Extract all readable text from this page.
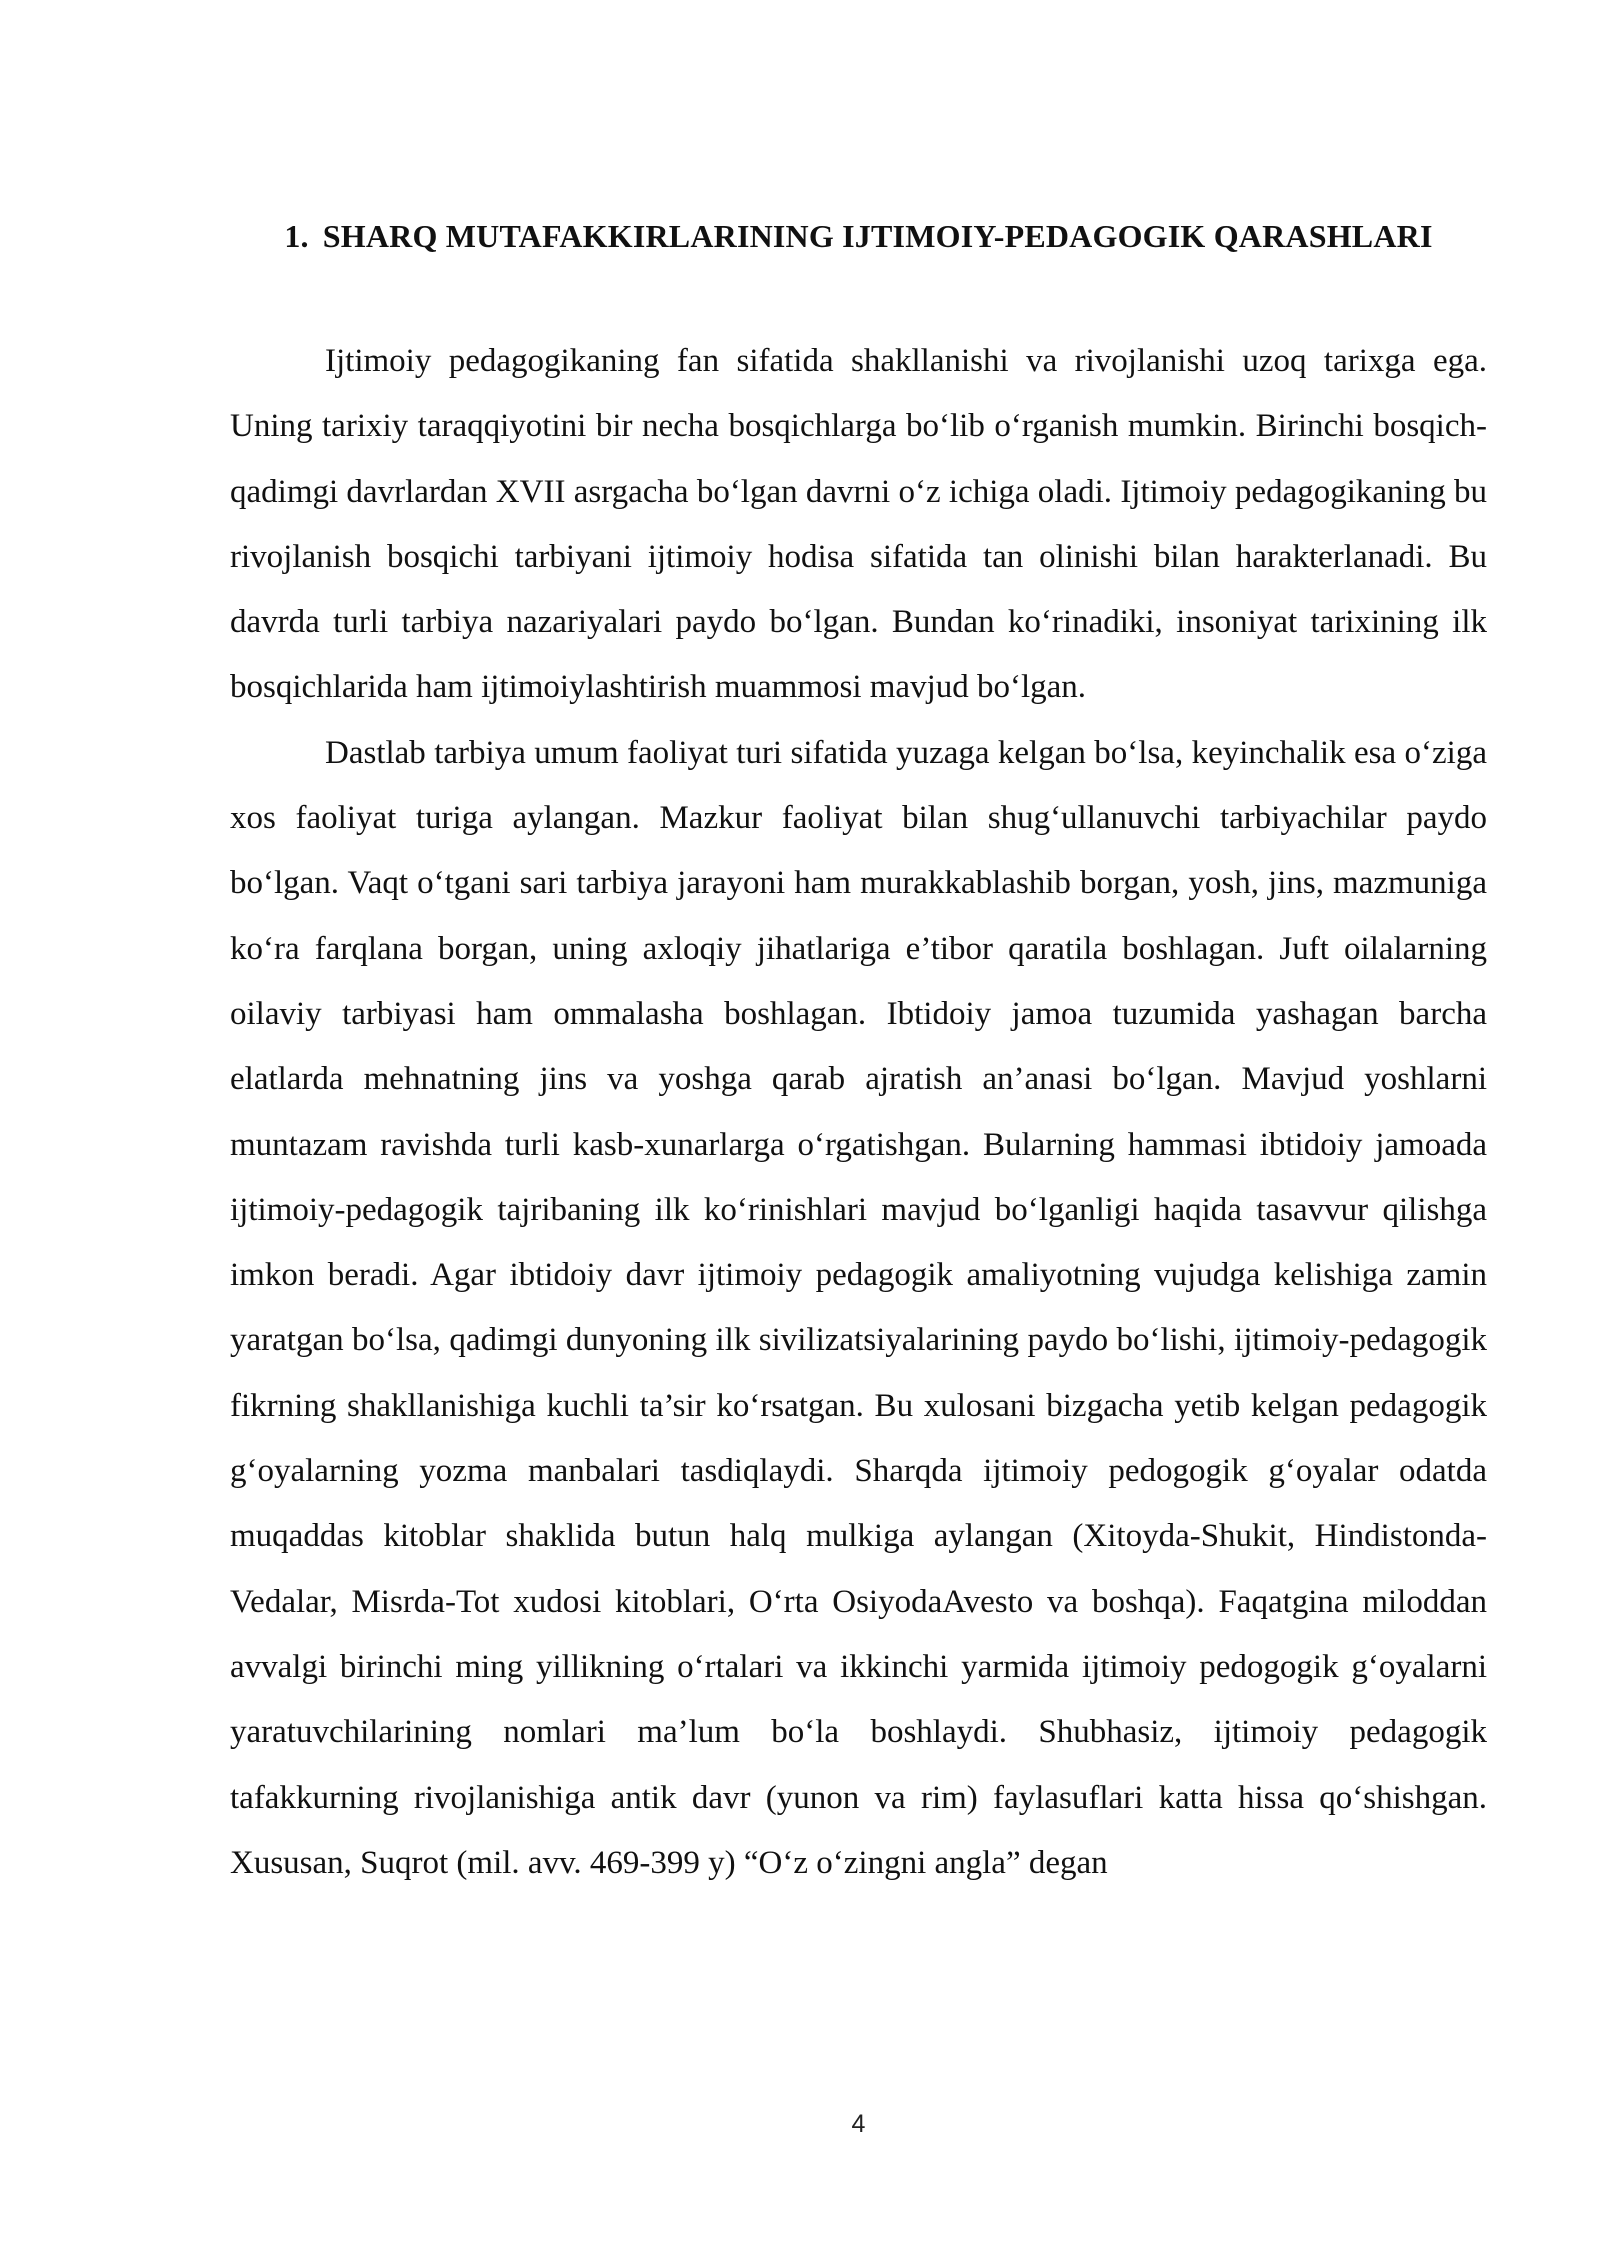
1. SHARQ MUTAFAKKIRLARINING IJTIMOIY-PEDAGOGIK QARASHLARI

Ijtimoiy pedagogikaning fan sifatida shakllanishi va rivojlanishi uzoq tarixga ega. Uning tarixiy taraqqiyotini bir necha bosqichlarga bo‘lib o‘rganish mumkin. Birinchi bosqich-qadimgi davrlardan XVII asrgacha bo‘lgan davrni o‘z ichiga oladi. Ijtimoiy pedagogikaning bu rivojlanish bosqichi tarbiyani ijtimoiy hodisa sifatida tan olinishi bilan harakterlanadi. Bu davrda turli tarbiya nazariyalari paydo bo‘lgan. Bundan ko‘rinadiki, insoniyat tarixining ilk bosqichlarida ham ijtimoiylashtirish muammosi mavjud bo‘lgan.

Dastlab tarbiya umum faoliyat turi sifatida yuzaga kelgan bo‘lsa, keyinchalik esa o‘ziga xos faoliyat turiga aylangan. Mazkur faoliyat bilan shug‘ullanuvchi tarbiyachilar paydo bo‘lgan. Vaqt o‘tgani sari tarbiya jarayoni ham murakkablashib borgan, yosh, jins, mazmuniga ko‘ra farqlana borgan, uning axloqiy jihatlariga e’tibor qaratila boshlagan. Juft oilalarning oilaviy tarbiyasi ham ommalasha boshlagan. Ibtidoiy jamoa tuzumida yashagan barcha elatlarda mehnatning jins va yoshga qarab ajratish an’anasi bo‘lgan. Mavjud yoshlarni muntazam ravishda turli kasb-xunarlarga o‘rgatishgan. Bularning hammasi ibtidoiy jamoada ijtimoiy-pedagogik tajribaning ilk ko‘rinishlari mavjud bo‘lganligi haqida tasavvur qilishga imkon beradi. Agar ibtidoiy davr ijtimoiy pedagogik amaliyotning vujudga kelishiga zamin yaratgan bo‘lsa, qadimgi dunyoning ilk sivilizatsiyalarining paydo bo‘lishi, ijtimoiy-pedagogik fikrning shakllanishiga kuchli ta’sir ko‘rsatgan. Bu xulosani bizgacha yetib kelgan pedagogik g‘oyalarning yozma manbalari tasdiqlaydi. Sharqda ijtimoiy pedogogik g‘oyalar odatda muqaddas kitoblar shaklida butun halq mulkiga aylangan (Xitoyda-Shukit, Hindistonda-Vedalar, Misrda-Tot xudosi kitoblari, O‘rta OsiyodaAvesto va boshqa). Faqatgina miloddan avvalgi birinchi ming yillikning o‘rtalari va ikkinchi yarmida ijtimoiy pedogogik g‘oyalarni yaratuvchilarining nomlari ma’lum bo‘la boshlaydi. Shubhasiz, ijtimoiy pedagogik tafakkurning rivojlanishiga antik davr (yunon va rim) faylasuflari katta hissa qo‘shishgan. Xususan, Suqrot (mil. avv. 469-399 y) “O‘z o‘zingni angla” degan

4
